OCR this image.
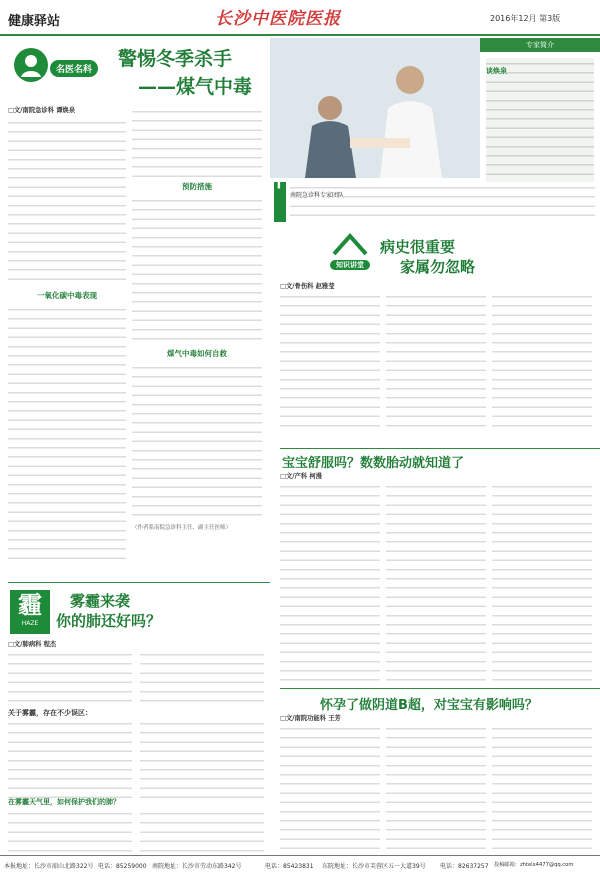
健康驿站	长沙中医院医报	2016年12月 第3版
名医名科	警惕冬季杀手
——煤气中毒
□文/南院急诊科 谭焕泉
一氧化碳中毒表现
预防措施
煤气中毒如何自救
（作者系南院急诊科主任、副主任医师）
专家简介
谈焕泉
▌
南院急诊科专家团队
知识讲堂
病史很重要
家属勿忽略
□文/骨伤科 赵雅莹
宝宝舒服吗？数数胎动就知道了
□文/产科 柯漫
霾
HAZE
雾霾来袭
你的肺还好吗？
□文/肺病科 程杰
关于雾霾，存在不少误区：
在雾霾天气里，如何保护我们的肺？
怀孕了做阴道B超，对宝宝有影响吗？
□文/南院功能科 王芳
本报地址：长沙市韶山北路322号 电话：85259000 南院地址：长沙市劳动东路342号	电话：85423831 东院地址：长沙市芙蓉区五一大道39号 电话：82637257 投稿邮箱：zhtelx4477@qq.com
